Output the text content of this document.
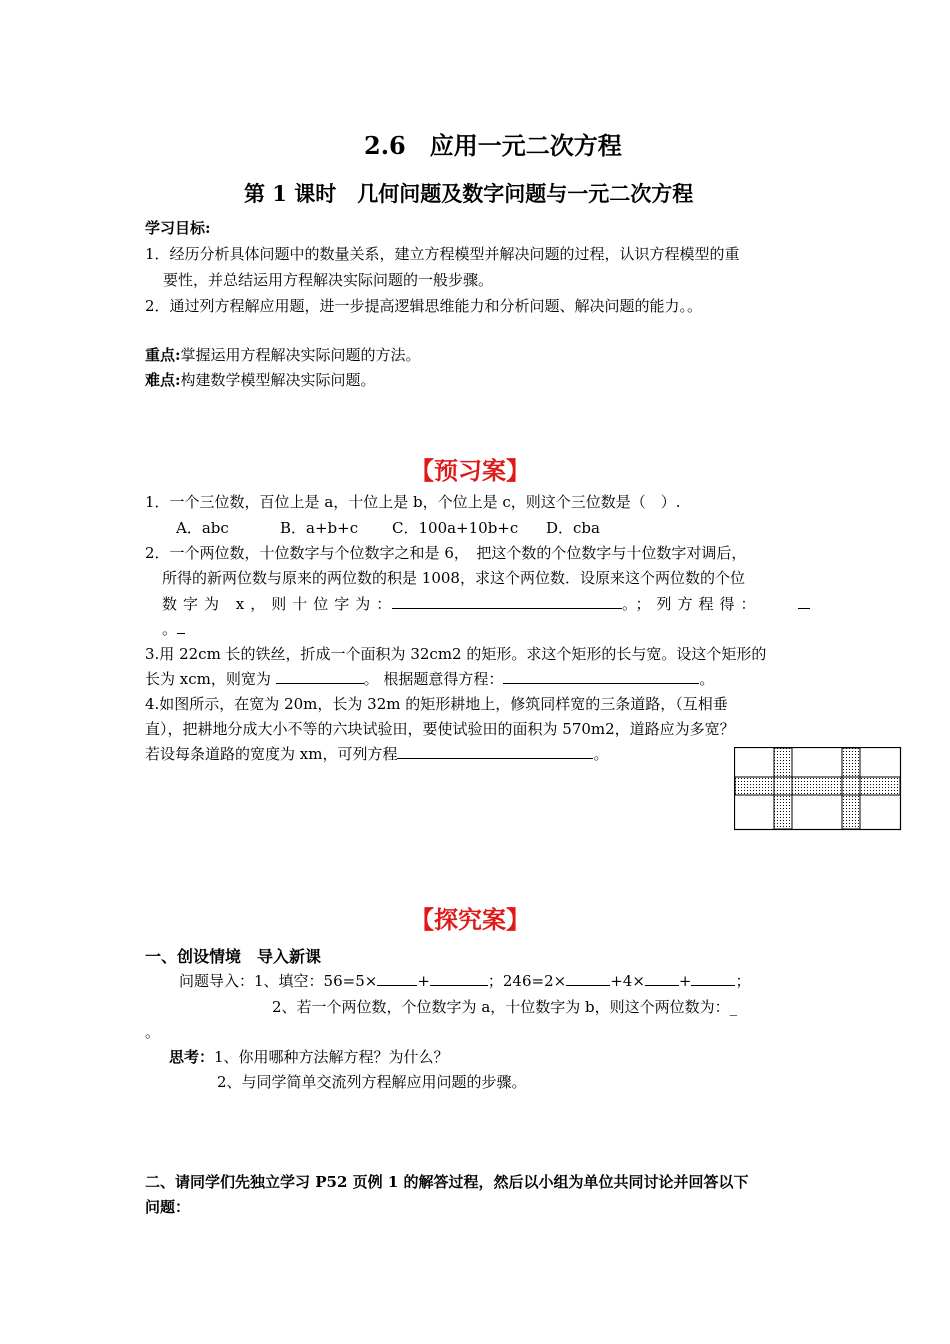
2.6　应用一元二次方程
第 1 课时　几何问题及数字问题与一元二次方程
学习目标:
1．经历分析具体问题中的数量关系，建立方程模型并解决问题的过程，认识方程模型的重
要性，并总结运用方程解决实际问题的一般步骤。
2．通过列方程解应用题，进一步提高逻辑思维能力和分析问题、解决问题的能力。。
重点:掌握运用方程解决实际问题的方法。
难点:构建数学模型解决实际问题。
【预习案】
1．一个三位数，百位上是 a，十位上是 b，个位上是 c，则这个三位数是（　）.
A．abc	B．a+b+c C．100a+10b+c D．cba
2．一个两位数，十位数字与个位数字之和是 6，　把这个数的个位数字与十位数字对调后，
所得的新两位数与原来的两位数的积是 1008，求这个两位数．设原来这个两位数的个位
数字为 x，则十位字为：	。；列方程得：
。
3.用 22cm 长的铁丝，折成一个面积为 32cm2 的矩形。求这个矩形的长与宽。设这个矩形的
长为 xcm，则宽为	。 根据题意得方程：	。
4.如图所示，在宽为 20m，长为 32m 的矩形耕地上，修筑同样宽的三条道路，（互相垂
直），把耕地分成大小不等的六块试验田，要使试验田的面积为 570m2，道路应为多宽？
若设每条道路的宽度为 xm，可列方程	。
【探究案】
一、创设情境　导入新课
问题导入：1、填空：56=5×	+	；246=2×	+4× +	；
2、若一个两位数，个位数字为 a，十位数字为 b，则这个两位数为：_
。
思考：1、你用哪种方法解方程？为什么？
2、与同学简单交流列方程解应用问题的步骤。
二、请同学们先独立学习 P52 页例 1 的解答过程，然后以小组为单位共同讨论并回答以下
问题：
